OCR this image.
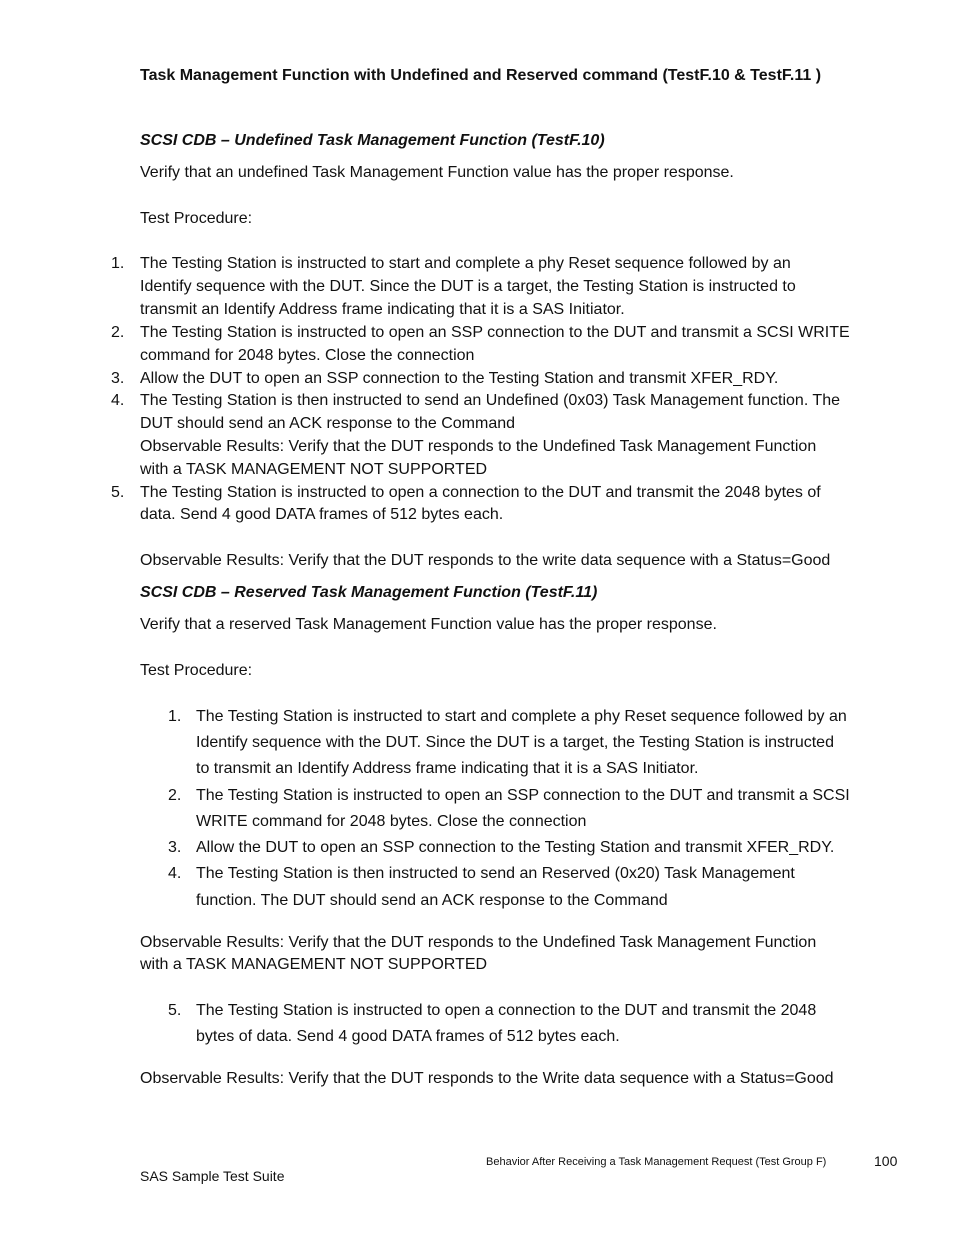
Task Management Function with Undefined and Reserved command (TestF.10 & TestF.11 )
SCSI CDB – Undefined Task Management Function (TestF.10)
Verify that an undefined Task Management Function value has the proper response.
Test Procedure:
1. The Testing Station is instructed to start and complete a phy Reset sequence followed by an
Identify sequence with the DUT. Since the DUT is a target, the Testing Station is instructed to
transmit an Identify Address frame indicating that it is a SAS Initiator.
2. The Testing Station is instructed to open an SSP connection to the DUT and transmit a SCSI WRITE
command for 2048 bytes. Close the connection
3. Allow the DUT to open an SSP connection to the Testing Station and transmit XFER_RDY.
4. The Testing Station is then instructed to send an Undefined (0x03) Task Management function. The
DUT should send an ACK response to the Command
Observable Results: Verify that the DUT responds to the Undefined Task Management Function
with a TASK MANAGEMENT NOT SUPPORTED
5. The Testing Station is instructed to open a connection to the DUT and transmit the 2048 bytes of
data. Send 4 good DATA frames of 512 bytes each.
Observable Results: Verify that the DUT responds to the write data sequence with a Status=Good
SCSI CDB – Reserved Task Management Function (TestF.11)
Verify that a reserved Task Management Function value has the proper response.
Test Procedure:
1. The Testing Station is instructed to start and complete a phy Reset sequence followed by an
Identify sequence with the DUT. Since the DUT is a target, the Testing Station is instructed
to transmit an Identify Address frame indicating that it is a SAS Initiator.
2. The Testing Station is instructed to open an SSP connection to the DUT and transmit a SCSI
WRITE command for 2048 bytes. Close the connection
3. Allow the DUT to open an SSP connection to the Testing Station and transmit XFER_RDY.
4. The Testing Station is then instructed to send an Reserved (0x20) Task Management
function. The DUT should send an ACK response to the Command
Observable Results: Verify that the DUT responds to the Undefined Task Management Function
with a TASK MANAGEMENT NOT SUPPORTED
5. The Testing Station is instructed to open a connection to the DUT and transmit the 2048
bytes of data. Send 4 good DATA frames of 512 bytes each.
Observable Results: Verify that the DUT responds to the Write data sequence with a Status=Good
Behavior After Receiving a Task Management Request (Test Group F)	100
SAS Sample Test Suite
